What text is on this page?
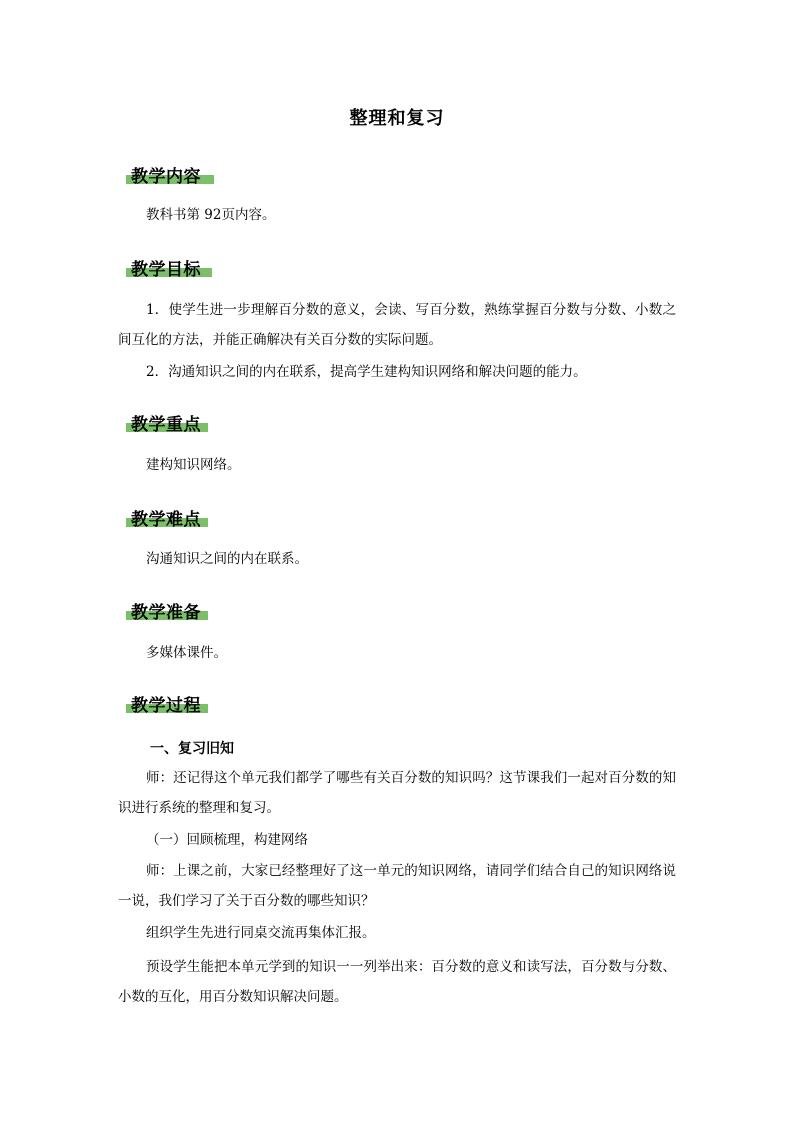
整理和复习
教学内容
教科书第 92页内容。
教学目标
1．使学生进一步理解百分数的意义，会读、写百分数，熟练掌握百分数与分数、小数之间互化的方法，并能正确解决有关百分数的实际问题。
2．沟通知识之间的内在联系，提高学生建构知识网络和解决问题的能力。
教学重点
建构知识网络。
教学难点
沟通知识之间的内在联系。
教学准备
多媒体课件。
教学过程
一、复习旧知
师：还记得这个单元我们都学了哪些有关百分数的知识吗？这节课我们一起对百分数的知识进行系统的整理和复习。
（一）回顾梳理，构建网络
师：上课之前，大家已经整理好了这一单元的知识网络，请同学们结合自己的知识网络说一说，我们学习了关于百分数的哪些知识？
组织学生先进行同桌交流再集体汇报。
预设学生能把本单元学到的知识一一列举出来：百分数的意义和读写法，百分数与分数、小数的互化，用百分数知识解决问题。
